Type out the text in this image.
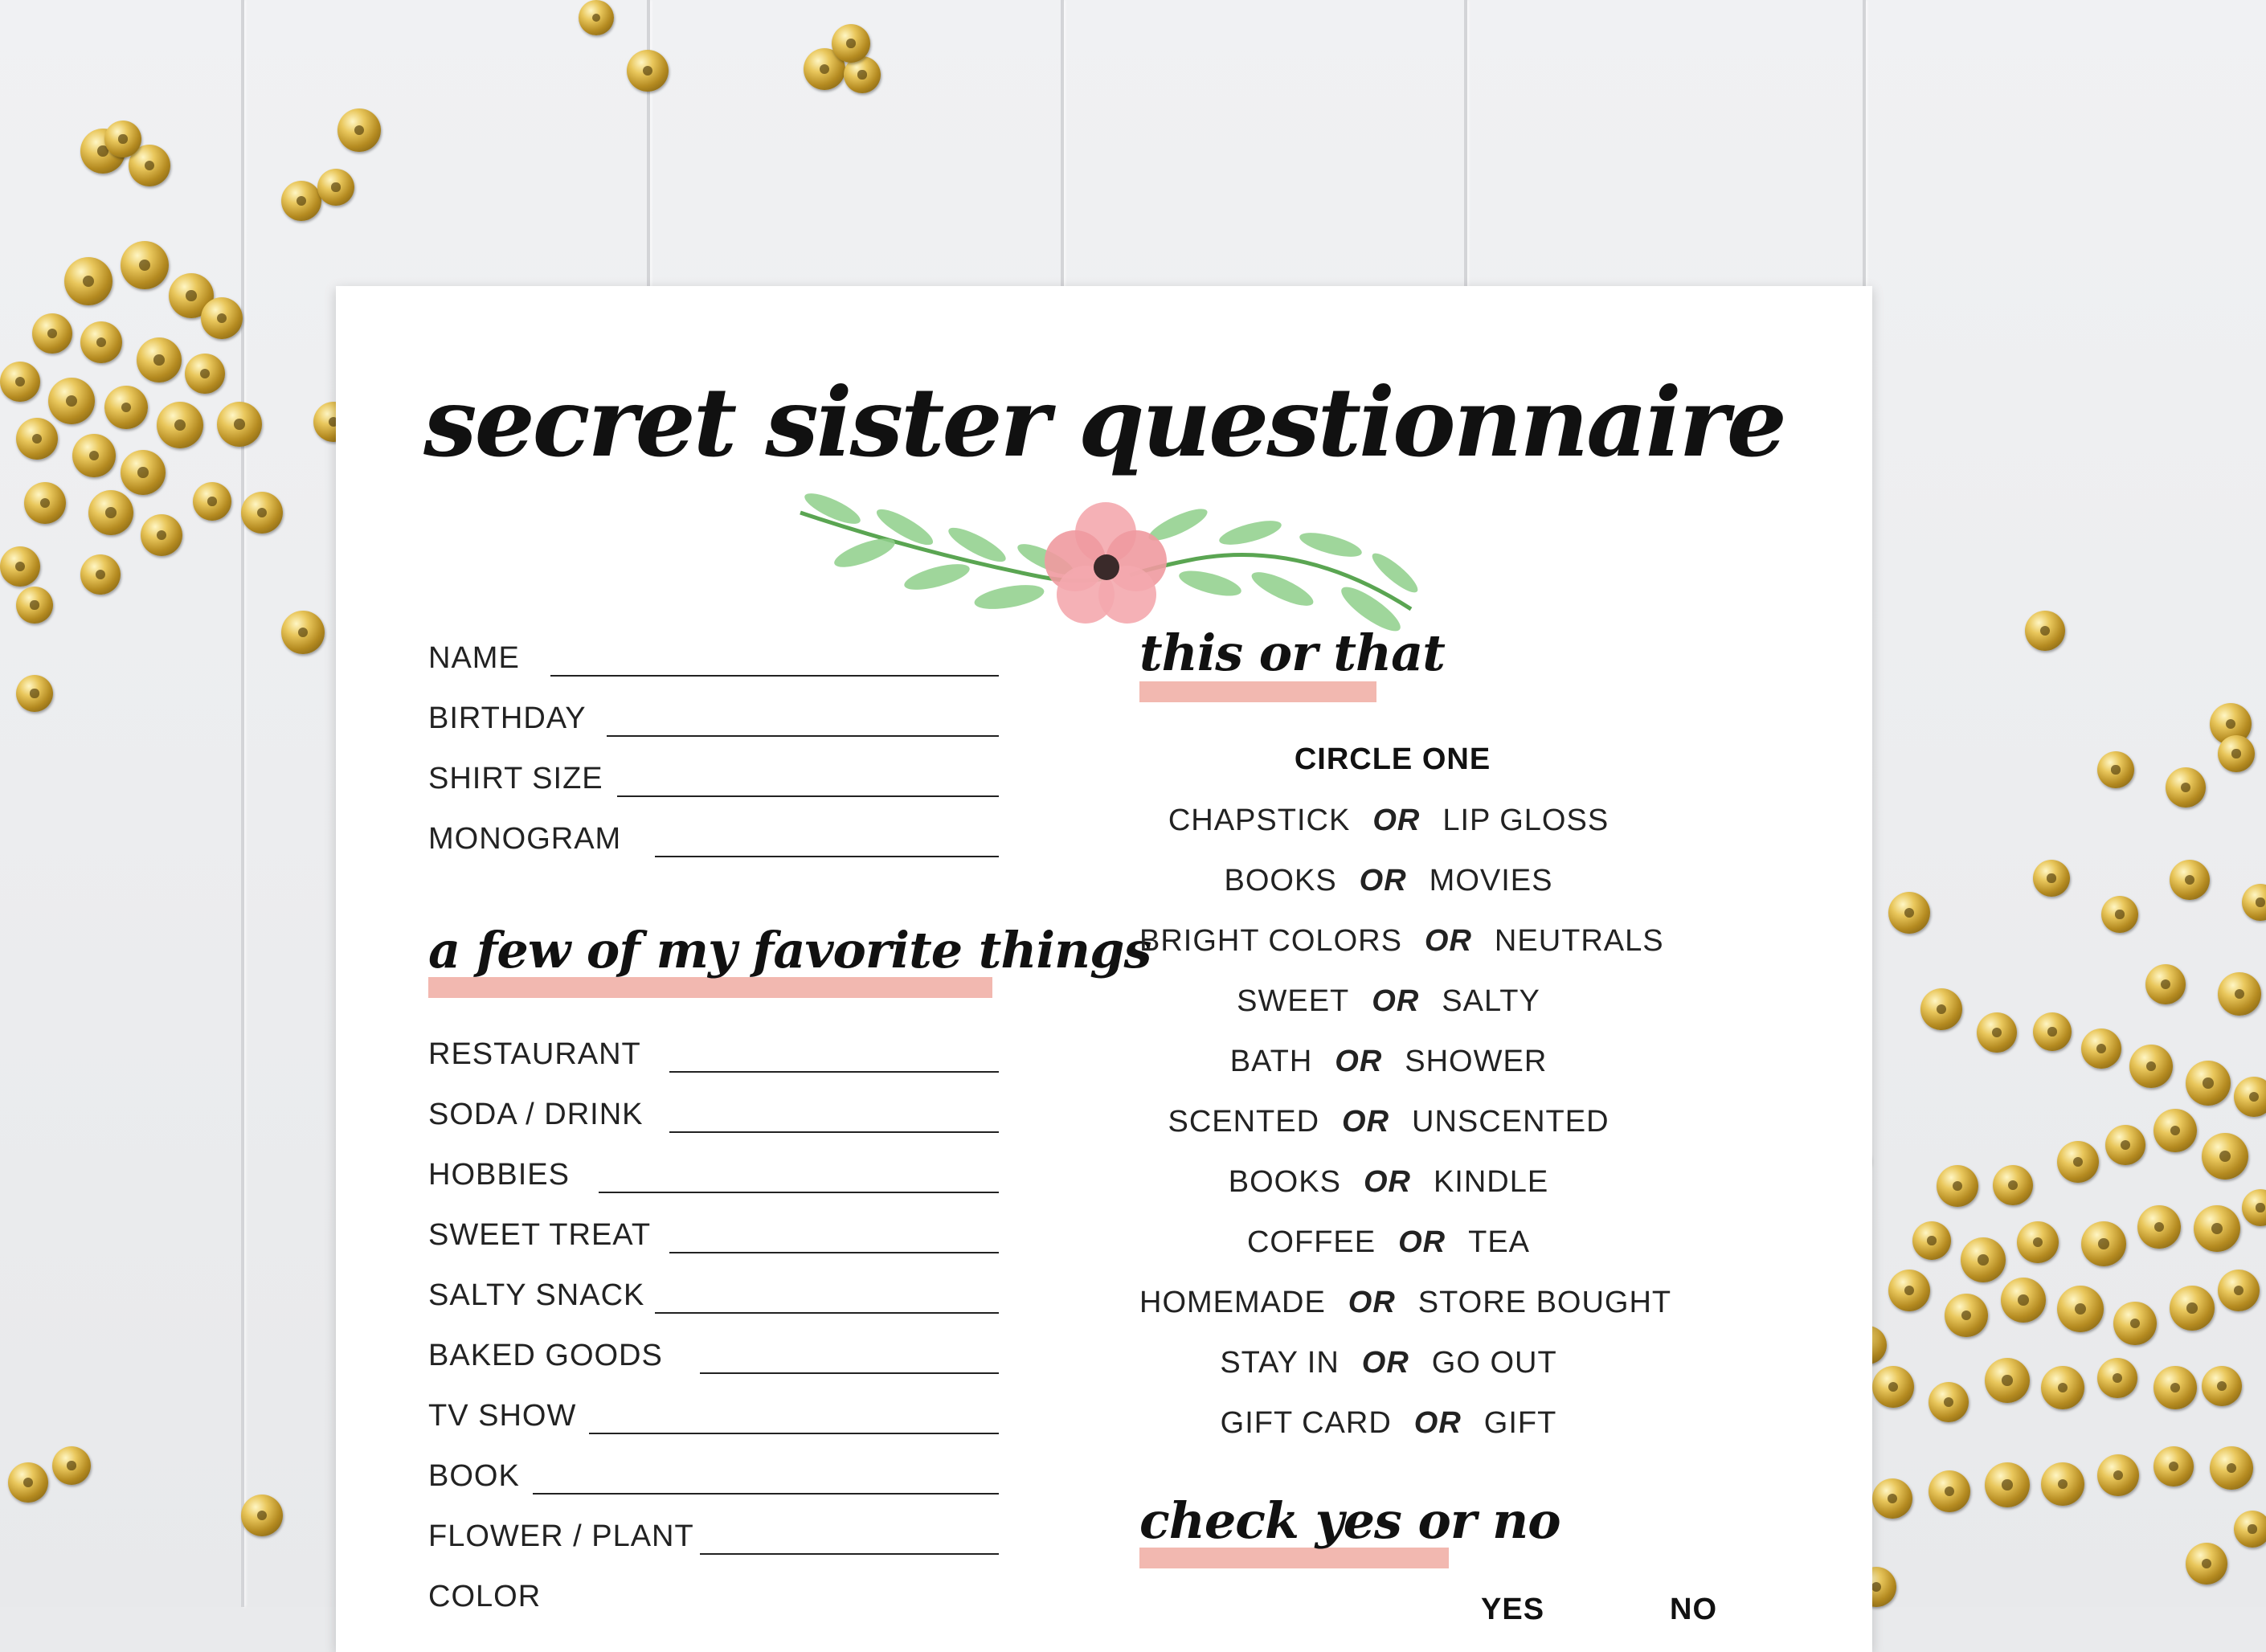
secret sister questionnaire
NAME
BIRTHDAY
SHIRT SIZE
MONOGRAM
a few of my favorite things
RESTAURANT
SODA / DRINK
HOBBIES
SWEET TREAT
SALTY SNACK
BAKED GOODS
TV SHOW
BOOK
FLOWER / PLANT
COLOR
this or that
CIRCLE ONE
CHAPSTICK OR LIP GLOSS
BOOKS OR MOVIES
BRIGHT COLORS OR NEUTRALS
SWEET OR SALTY
BATH OR SHOWER
SCENTED OR UNSCENTED
BOOKS OR KINDLE
COFFEE OR TEA
HOMEMADE OR STORE BOUGHT
STAY IN OR GO OUT
GIFT CARD OR GIFT
check yes or no
YES	NO
